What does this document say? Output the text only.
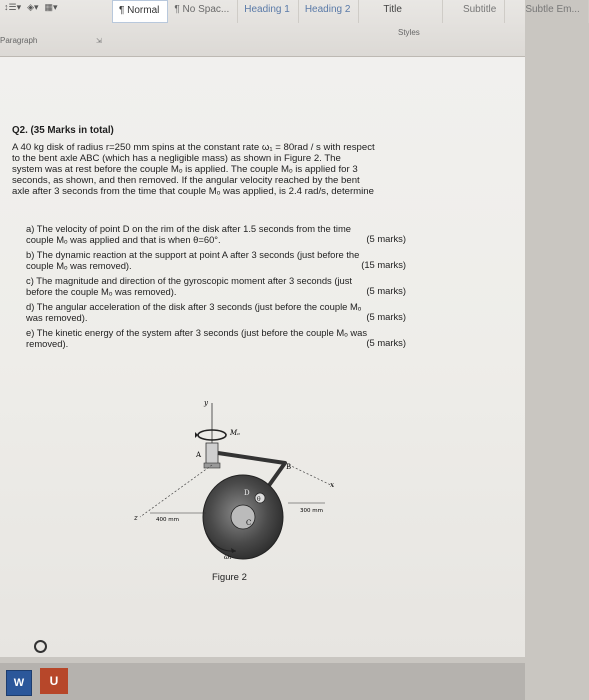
↕☰▾ ◈▾ ▦▾	¶ Normal	¶ No Spac...	Heading 1	Heading 2	Title	Subtitle	Subtle Em...
Styles
Paragraph	⇲
Q2. (35 Marks in total)
A 40 kg disk of radius r=250 mm spins at the constant rate ω₁ = 80rad / s with respect
to the bent axle ABC (which has a negligible mass) as shown in Figure 2. The
system was at rest before the couple Mₒ is applied. The couple Mₒ is applied for 3
seconds, as shown, and then removed. If the angular velocity reached by the bent
axle after 3 seconds from the time that couple Mₒ was applied, is 2.4 rad/s, determine
a) The velocity of point D on the rim of the disk after 1.5 seconds from the time
couple Mₒ was applied and that is when θ=60°.	(5 marks)
b) The dynamic reaction at the support at point A after 3 seconds (just before the
couple Mₒ was removed).	(15 marks)
c) The magnitude and direction of the gyroscopic moment after 3 seconds (just
before the couple Mₒ was removed).	(5 marks)
d) The angular acceleration of the disk after 3 seconds (just before the couple Mₒ
was removed).	(5 marks)
e) The kinetic energy of the system after 3 seconds (just before the couple Mₒ was
removed).	(5 marks)
y
Mₒ
A
B
x
z
C
θ
D
ω₁
400 mm
300 mm
Figure 2
W	U
